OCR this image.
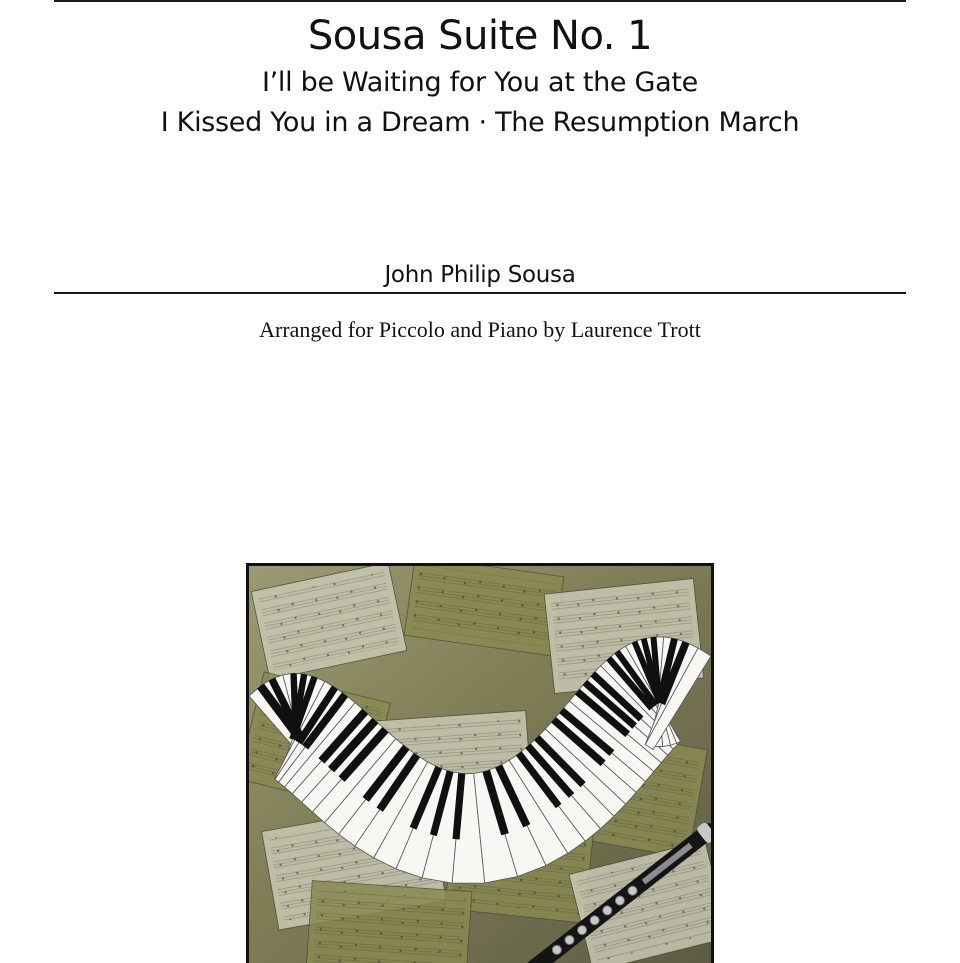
Sousa Suite No. 1
I’ll be Waiting for You at the Gate
I Kissed You in a Dream · The Resumption March
John Philip Sousa
Arranged for Piccolo and Piano by Laurence Trott
